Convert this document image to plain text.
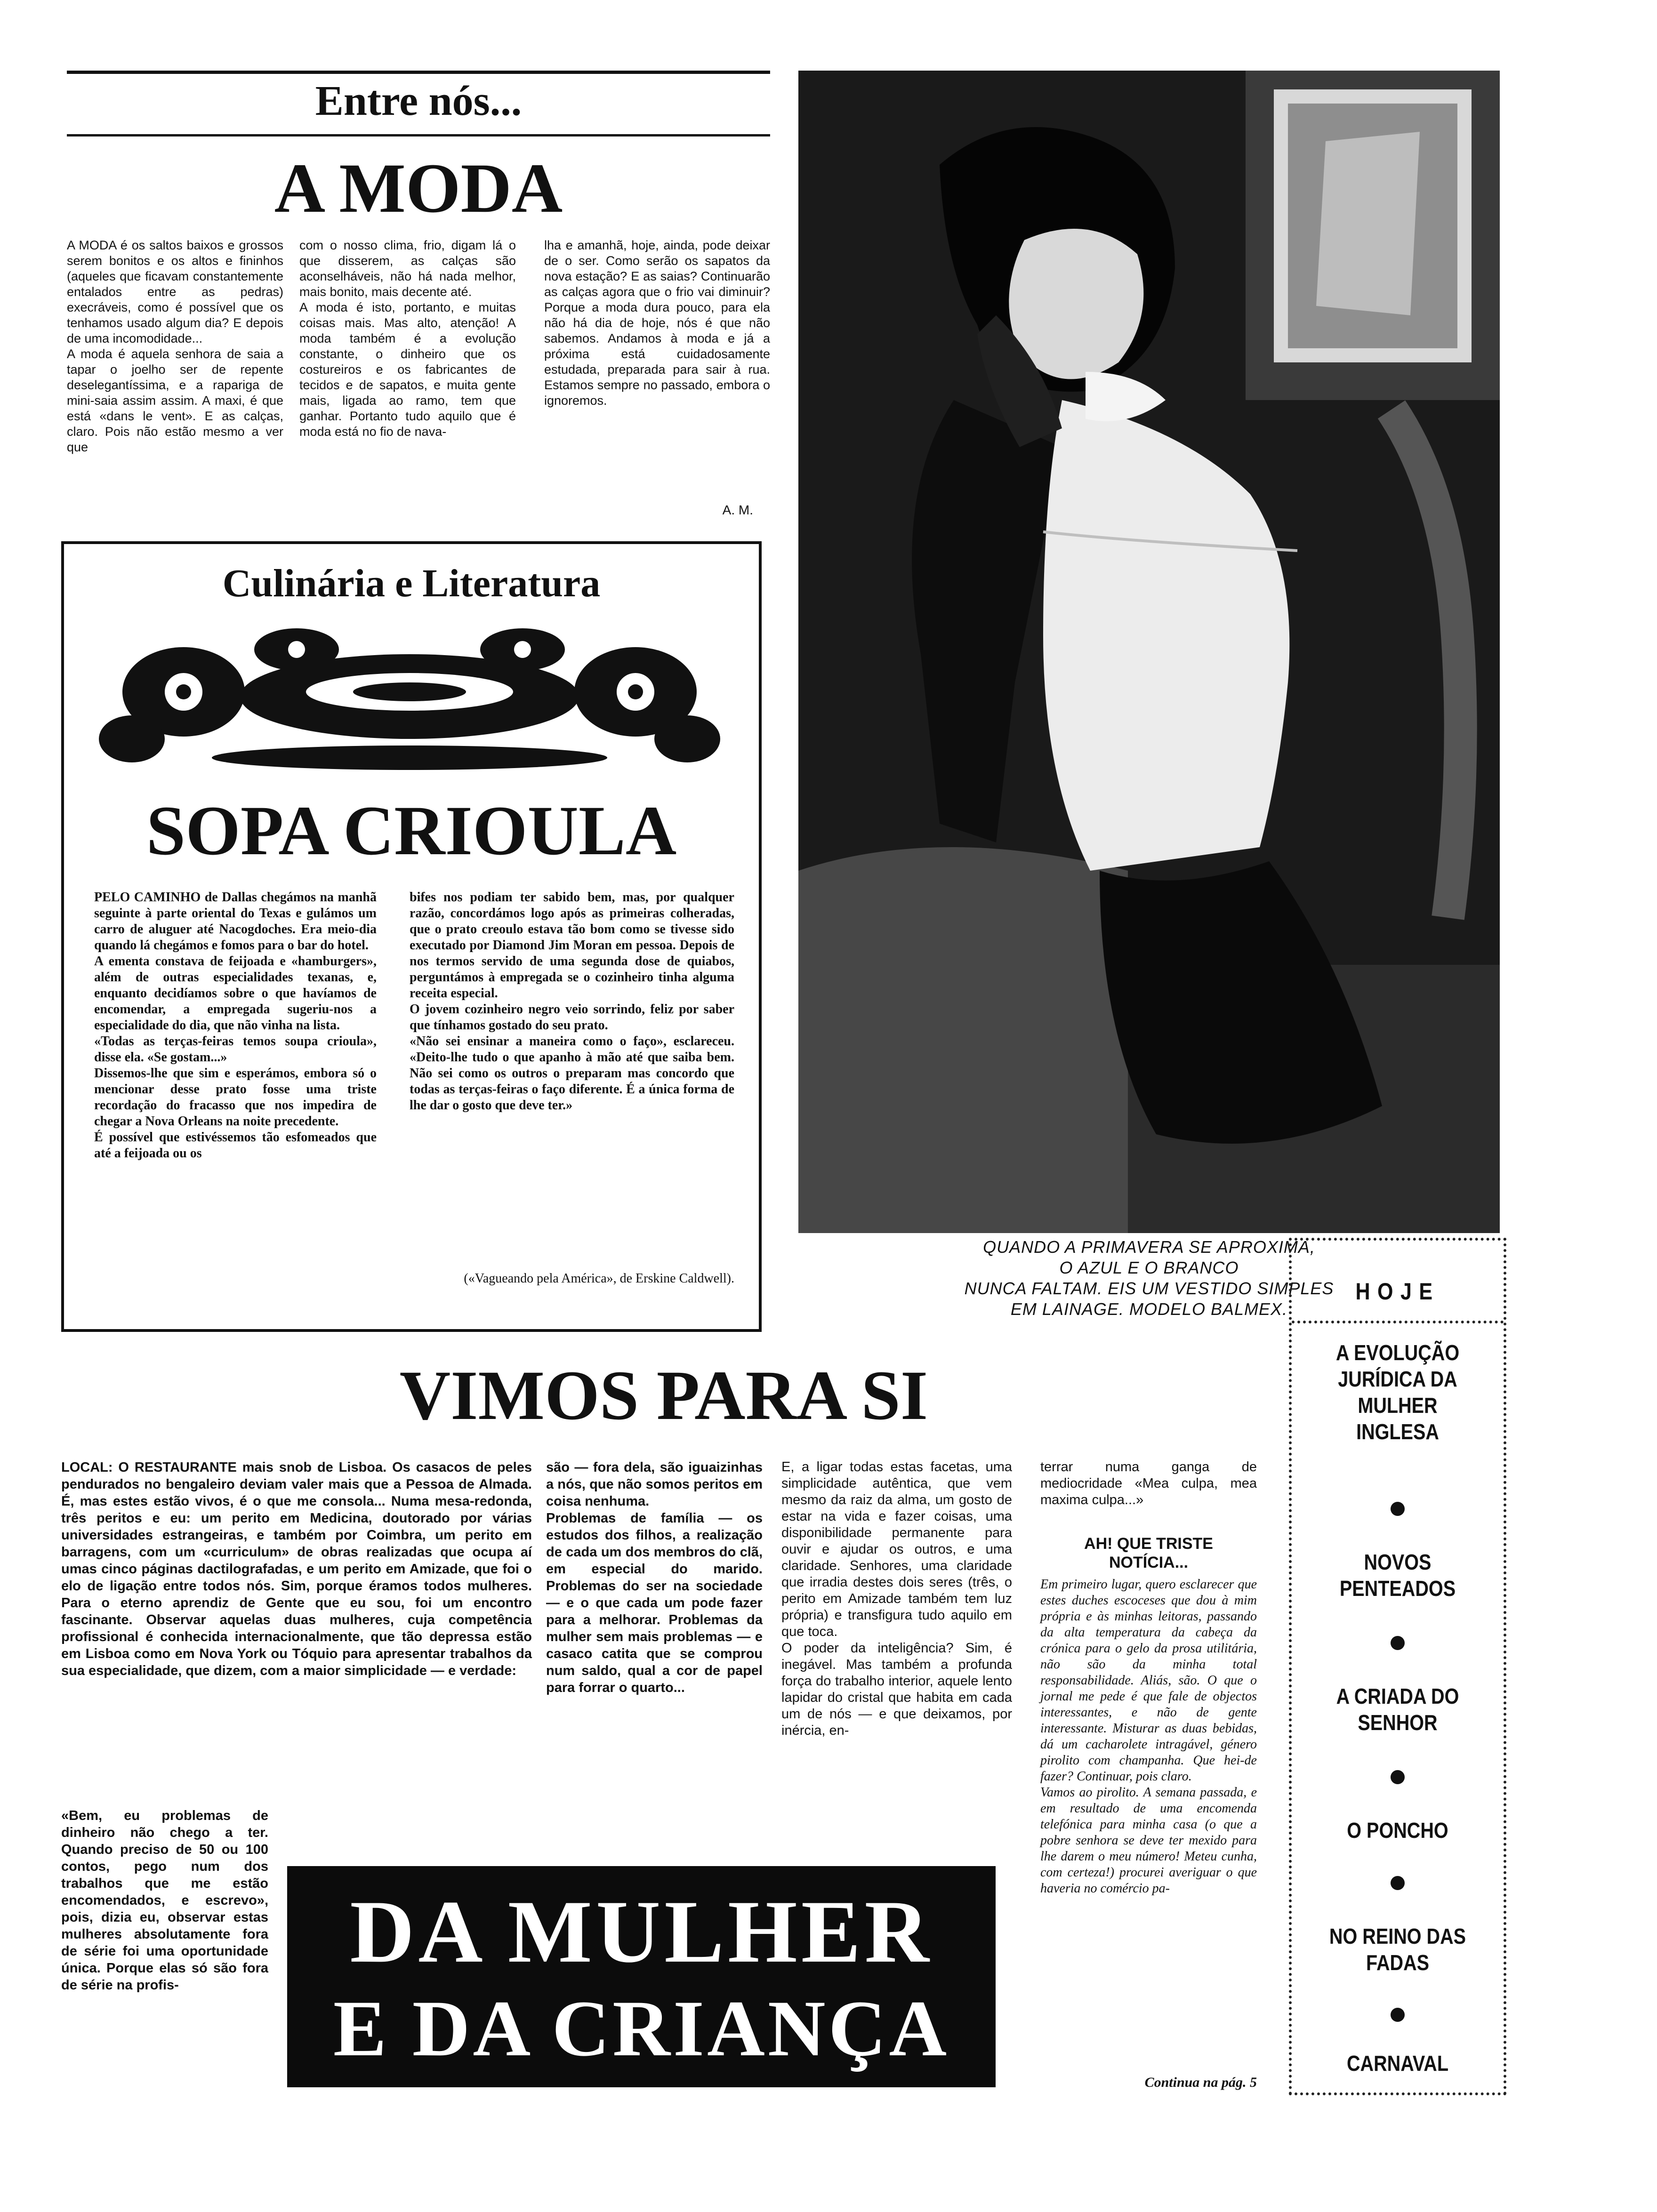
Entre nós...
A MODA
A MODA é os saltos baixos e grossos serem bonitos e os altos e fininhos (aqueles que ficavam constantemente entalados entre as pedras) execráveis, como é possível que os tenhamos usado algum dia? E depois de uma incomodidade...
A moda é aquela senhora de saia a tapar o joelho ser de repente deselegantíssima, e a rapariga de mini-saia assim assim. A maxi, é que está «dans le vent». E as calças, claro. Pois não estão mesmo a ver que
com o nosso clima, frio, digam lá o que disserem, as calças são aconselháveis, não há nada melhor, mais bonito, mais decente até.
A moda é isto, portanto, e muitas coisas mais. Mas alto, atenção! A moda também é a evolução constante, o dinheiro que os costureiros e os fabricantes de tecidos e de sapatos, e muita gente mais, ligada ao ramo, tem que ganhar. Portanto tudo aquilo que é moda está no fio de nava-
lha e amanhã, hoje, ainda, pode deixar de o ser. Como serão os sapatos da nova estação? E as saias? Continuarão as calças agora que o frio vai diminuir? Porque a moda dura pouco, para ela não há dia de hoje, nós é que não sabemos. Andamos à moda e já a próxima está cuidadosamente estudada, preparada para sair à rua. Estamos sempre no passado, embora o ignoremos.
A. M.
Culinária e Literatura
SOPA CRIOULA
PELO CAMINHO de Dallas chegámos na manhã seguinte à parte oriental do Texas e gulámos um carro de aluguer até Nacogdoches. Era meio-dia quando lá chegámos e fomos para o bar do hotel.
A ementa constava de feijoada e «hamburgers», além de outras especialidades texanas, e, enquanto decidíamos sobre o que havíamos de encomendar, a empregada sugeriu-nos a especialidade do dia, que não vinha na lista.
«Todas as terças-feiras temos soupa crioula», disse ela. «Se gostam...»
Dissemos-lhe que sim e esperámos, embora só o mencionar desse prato fosse uma triste recordação do fracasso que nos impedira de chegar a Nova Orleans na noite precedente.
É possível que estivéssemos tão esfomeados que até a feijoada ou os
bifes nos podiam ter sabido bem, mas, por qualquer razão, concordámos logo após as primeiras colheradas, que o prato creoulo estava tão bom como se tivesse sido executado por Diamond Jim Moran em pessoa. Depois de nos termos servido de uma segunda dose de quiabos, perguntámos à empregada se o cozinheiro tinha alguma receita especial.
O jovem cozinheiro negro veio sorrindo, feliz por saber que tínhamos gostado do seu prato.
«Não sei ensinar a maneira como o faço», esclareceu. «Deito-lhe tudo o que apanho à mão até que saiba bem. Não sei como os outros o preparam mas concordo que todas as terças-feiras o faço diferente. É a única forma de lhe dar o gosto que deve ter.»
(«Vagueando pela América», de Erskine Caldwell).
QUANDO A PRIMAVERA SE APROXIMA,
O AZUL E O BRANCO
NUNCA FALTAM. EIS UM VESTIDO SIMPLES
EM LAINAGE. MODELO BALMEX.
HOJE
A EVOLUÇÃO JURÍDICA DA MULHER INGLESA
NOVOS PENTEADOS
A CRIADA DO SENHOR
O PONCHO
NO REINO DAS FADAS
CARNAVAL
VIMOS PARA SI
LOCAL: O RESTAURANTE mais snob de Lisboa. Os casacos de peles pendurados no bengaleiro deviam valer mais que a Pessoa de Almada. É, mas estes estão vivos, é o que me consola... Numa mesa-redonda, três peritos e eu: um perito em Medicina, doutorado por várias universidades estrangeiras, e também por Coimbra, um perito em barragens, com um «curriculum» de obras realizadas que ocupa aí umas cinco páginas dactilografadas, e um perito em Amizade, que foi o elo de ligação entre todos nós. Sim, porque éramos todos mulheres. Para o eterno aprendiz de Gente que eu sou, foi um encontro fascinante. Observar aquelas duas mulheres, cuja competência profissional é conhecida internacionalmente, que tão depressa estão em Lisboa como em Nova York ou Tóquio para apresentar trabalhos da sua especialidade, que dizem, com a maior simplicidade — e verdade:
«Bem, eu problemas de dinheiro não chego a ter. Quando preciso de 50 ou 100 contos, pego num dos trabalhos que me estão encomendados, e escrevo», pois, dizia eu, observar estas mulheres absolutamente fora de série foi uma oportunidade única. Porque elas só são fora de série na profis-
são — fora dela, são iguaizinhas a nós, que não somos peritos em coisa nenhuma.
Problemas de família — os estudos dos filhos, a realização de cada um dos membros do clã, em especial do marido. Problemas do ser na sociedade — e o que cada um pode fazer para a melhorar. Problemas da mulher sem mais problemas — e casaco catita que se comprou num saldo, qual a cor de papel para forrar o quarto...
E, a ligar todas estas facetas, uma simplicidade autêntica, que vem mesmo da raiz da alma, um gosto de estar na vida e fazer coisas, uma disponibilidade permanente para ouvir e ajudar os outros, e uma claridade. Senhores, uma claridade que irradia destes dois seres (três, o perito em Amizade também tem luz própria) e transfigura tudo aquilo em que toca.
O poder da inteligência? Sim, é inegável. Mas também a profunda força do trabalho interior, aquele lento lapidar do cristal que habita em cada um de nós — e que deixamos, por inércia, en-
terrar numa ganga de mediocridade «Mea culpa, mea maxima culpa...»
AH! QUE TRISTE NOTÍCIA...
Em primeiro lugar, quero esclarecer que estes duches escoceses que dou à mim própria e às minhas leitoras, passando da alta temperatura da cabeça da crónica para o gelo da prosa utilitária, não são da minha total responsabilidade. Aliás, são. O que o jornal me pede é que fale de objectos interessantes, e não de gente interessante. Misturar as duas bebidas, dá um cacharolete intragável, género pirolito com champanha. Que hei-de fazer? Continuar, pois claro.
Vamos ao pirolito. A semana passada, e em resultado de uma encomenda telefónica para minha casa (o que a pobre senhora se deve ter mexido para lhe darem o meu número! Meteu cunha, com certeza!) procurei averiguar o que haveria no comércio pa-
Continua na pág. 5
DA MULHER
E DA CRIANÇA
